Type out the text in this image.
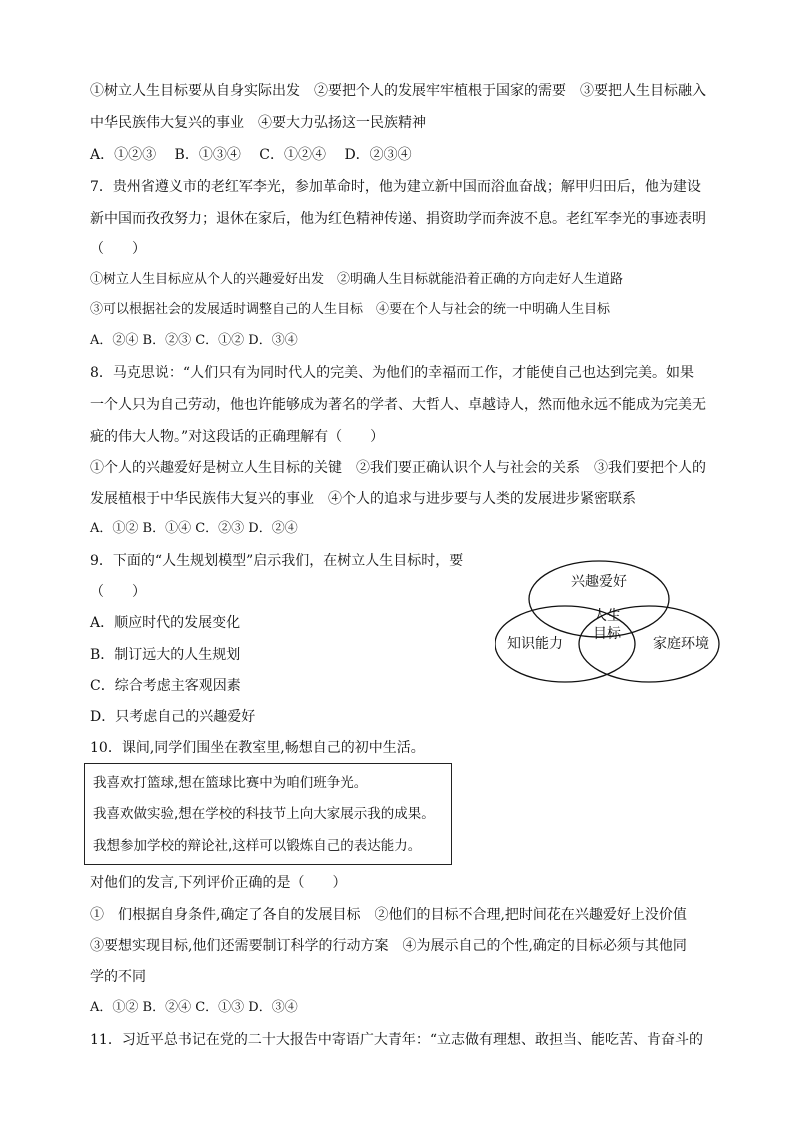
①树立人生目标要从自身实际出发　②要把个人的发展牢牢植根于国家的需要　③要把人生目标融入
中华民族伟大复兴的事业　④要大力弘扬这一民族精神
A．①②③　 B．①③④　 C．①②④　 D．②③④
7．贵州省遵义市的老红军李光，参加革命时，他为建立新中国而浴血奋战；解甲归田后，他为建设
新中国而孜孜努力；退休在家后，他为红色精神传递、捐资助学而奔波不息。老红军李光的事迹表明
（　　）
①树立人生目标应从个人的兴趣爱好出发　②明确人生目标就能沿着正确的方向走好人生道路
③可以根据社会的发展适时调整自己的人生目标　④要在个人与社会的统一中明确人生目标
A．②④ B．②③ C．①② D．③④
8．马克思说：“人们只有为同时代人的完美、为他们的幸福而工作，才能使自己也达到完美。如果
一个人只为自己劳动，他也许能够成为著名的学者、大哲人、卓越诗人，然而他永远不能成为完美无
疵的伟大人物。”对这段话的正确理解有（　　）
①个人的兴趣爱好是树立人生目标的关键　②我们要正确认识个人与社会的关系　③我们要把个人的
发展植根于中华民族伟大复兴的事业　④个人的追求与进步要与人类的发展进步紧密联系
A．①② B．①④ C．②③ D．②④
9．下面的“人生规划模型”启示我们，在树立人生目标时，要
（　　）
A．顺应时代的发展变化
B．制订远大的人生规划
C．综合考虑主客观因素
D．只考虑自己的兴趣爱好
兴趣爱好
知识能力	家庭环境
人生
目标
10．课间,同学们围坐在教室里,畅想自己的初中生活。
我喜欢打篮球,想在篮球比赛中为咱们班争光。
我喜欢做实验,想在学校的科技节上向大家展示我的成果。
我想参加学校的辩论社,这样可以锻炼自己的表达能力。
对他们的发言,下列评价正确的是（　　）
①　们根据自身条件,确定了各自的发展目标　②他们的目标不合理,把时间花在兴趣爱好上没价值
③要想实现目标,他们还需要制订科学的行动方案　④为展示自己的个性,确定的目标必须与其他同
学的不同
A．①② B．②④ C．①③ D．③④
11．习近平总书记在党的二十大报告中寄语广大青年：“立志做有理想、敢担当、能吃苦、肯奋斗的
